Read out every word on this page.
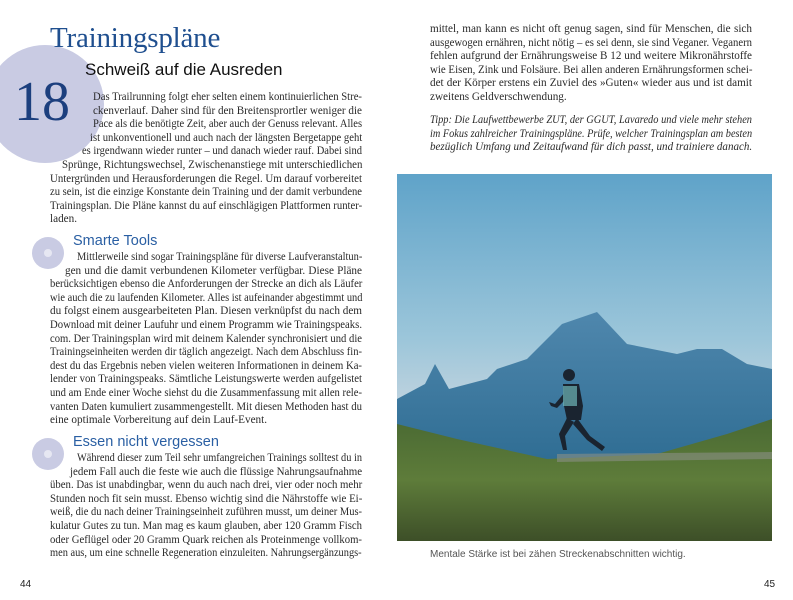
Trainingspläne
18
Schweiß auf die Ausreden
Das Trailrunning folgt eher selten einem kontinuierlichen Stre-
ckenverlauf. Daher sind für den Breitensprortler weniger die
Pace als die benötigte Zeit, aber auch der Genuss relevant. Alles
ist unkonventionell und auch nach der längsten Bergetappe geht
es irgendwann wieder runter – und danach wieder rauf. Dabei sind
Sprünge, Richtungswechsel, Zwischenanstiege mit unterschiedlichen
Untergründen und Herausforderungen die Regel. Um darauf vorbereitet
zu sein, ist die einzige Konstante dein Training und der damit verbundene
Trainingsplan. Die Pläne kannst du auf einschlägigen Plattformen runter-
laden.
Smarte Tools
Mittlerweile sind sogar Trainingspläne für diverse Laufveranstaltun-
gen und die damit verbundenen Kilometer verfügbar. Diese Pläne
berücksichtigen ebenso die Anforderungen der Strecke an dich als Läufer
wie auch die zu laufenden Kilometer. Alles ist aufeinander abgestimmt und
du folgst einem ausgearbeiteten Plan. Diesen verknüpfst du nach dem
Download mit deiner Laufuhr und einem Programm wie Trainingspeaks.
com. Der Trainingsplan wird mit deinem Kalender synchronisiert und die
Trainingseinheiten werden dir täglich angezeigt. Nach dem Abschluss fin-
dest du das Ergebnis neben vielen weiteren Informationen in deinem Ka-
lender von Trainingspeaks. Sämtliche Leistungswerte werden aufgelistet
und am Ende einer Woche siehst du die Zusammenfassung mit allen rele-
vanten Daten kumuliert zusammengestellt. Mit diesen Methoden hast du
eine optimale Vorbereitung auf dein Lauf-Event.
Essen nicht vergessen
Während dieser zum Teil sehr umfangreichen Trainings solltest du in
jedem Fall auch die feste wie auch die flüssige Nahrungsaufnahme
üben. Das ist unabdingbar, wenn du auch nach drei, vier oder noch mehr
Stunden noch fit sein musst. Ebenso wichtig sind die Nährstoffe wie Ei-
weiß, die du nach deiner Trainingseinheit zuführen musst, um deiner Mus-
kulatur Gutes zu tun. Man mag es kaum glauben, aber 120 Gramm Fisch
oder Geflügel oder 20 Gramm Quark reichen als Proteinmenge vollkom-
men aus, um eine schnelle Regeneration einzuleiten. Nahrungsergänzungs-
44
mittel, man kann es nicht oft genug sagen, sind für Menschen, die sich
ausgewogen ernähren, nicht nötig – es sei denn, sie sind Veganer. Veganern
fehlen aufgrund der Ernährungsweise B 12 und weitere Mikronährstoffe
wie Eisen, Zink und Folsäure. Bei allen anderen Ernährungsformen schei-
det der Körper erstens ein Zuviel des »Guten« wieder aus und ist damit
zweitens Geldverschwendung.
Tipp: Die Laufwettbewerbe ZUT, der GGUT, Lavaredo und viele mehr stehen
im Fokus zahlreicher Trainingspläne. Prüfe, welcher Trainingsplan am besten
bezüglich Umfang und Zeitaufwand für dich passt, und trainiere danach.
Mentale Stärke ist bei zähen Streckenabschnitten wichtig.
45
